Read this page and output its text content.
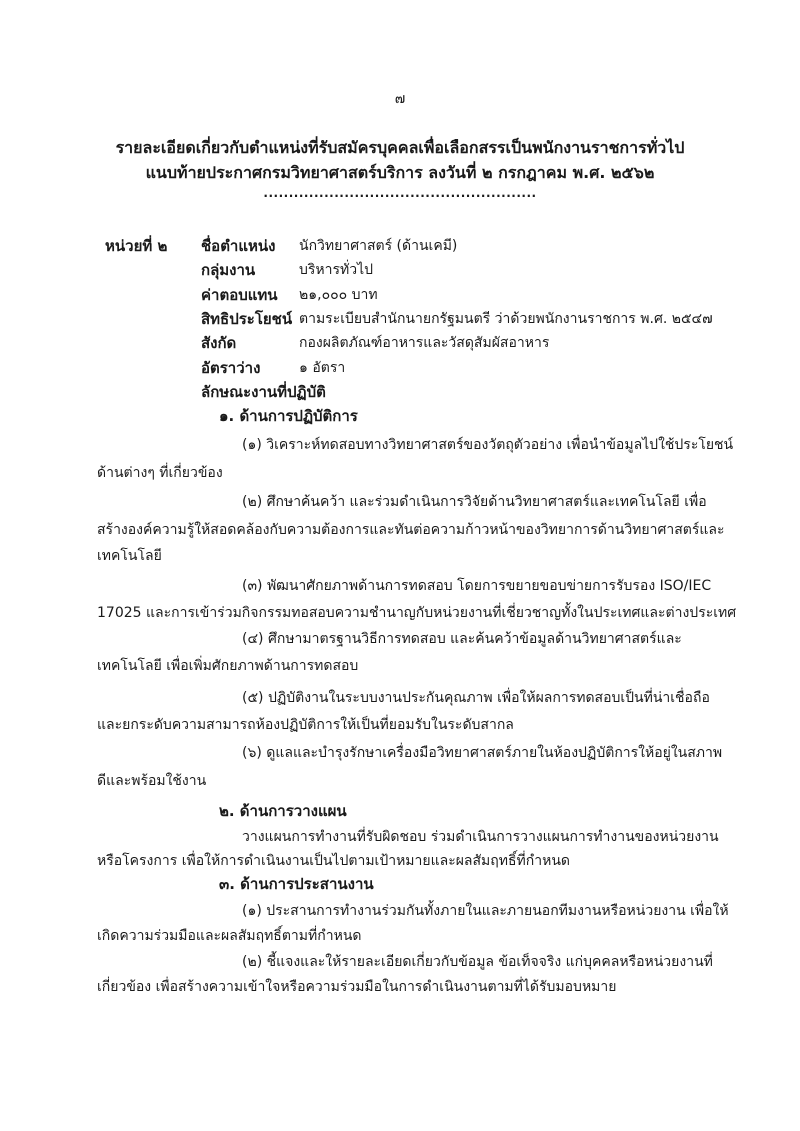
๗
รายละเอียดเกี่ยวกับตำแหน่งที่รับสมัครบุคคลเพื่อเลือกสรรเป็นพนักงานราชการทั่วไป
แนบท้ายประกาศกรมวิทยาศาสตร์บริการ ลงวันที่ ๒ กรกฎาคม พ.ศ. ๒๕๖๒
......................................................
หน่วยที่ ๒ ชื่อตำแหน่ง นักวิทยาศาสตร์ (ด้านเคมี)
กลุ่มงาน	บริหารทั่วไป
ค่าตอบแทน ๒๑,๐๐๐ บาท
สิทธิประโยชน์ ตามระเบียบสำนักนายกรัฐมนตรี ว่าด้วยพนักงานราชการ พ.ศ. ๒๕๔๗
สังกัด	กองผลิตภัณฑ์อาหารและวัสดุสัมผัสอาหาร
อัตราว่าง	๑ อัตรา
ลักษณะงานที่ปฏิบัติ
๑. ด้านการปฏิบัติการ
(๑) วิเคราะห์ทดสอบทางวิทยาศาสตร์ของวัตถุตัวอย่าง เพื่อนำข้อมูลไปใช้ประโยชน์
ด้านต่างๆ ที่เกี่ยวข้อง
(๒) ศึกษาค้นคว้า และร่วมดำเนินการวิจัยด้านวิทยาศาสตร์และเทคโนโลยี เพื่อ
สร้างองค์ความรู้ให้สอดคล้องกับความต้องการและทันต่อความก้าวหน้าของวิทยาการด้านวิทยาศาสตร์และ
เทคโนโลยี
(๓) พัฒนาศักยภาพด้านการทดสอบ โดยการขยายขอบข่ายการรับรอง ISO/IEC
17025 และการเข้าร่วมกิจกรรมทอสอบความชำนาญกับหน่วยงานที่เชี่ยวชาญทั้งในประเทศและต่างประเทศ
(๔) ศึกษามาตรฐานวิธีการทดสอบ และค้นคว้าข้อมูลด้านวิทยาศาสตร์และ
เทคโนโลยี เพื่อเพิ่มศักยภาพด้านการทดสอบ
(๕) ปฏิบัติงานในระบบงานประกันคุณภาพ เพื่อให้ผลการทดสอบเป็นที่น่าเชื่อถือ
และยกระดับความสามารถห้องปฏิบัติการให้เป็นที่ยอมรับในระดับสากล
(๖) ดูแลและบำรุงรักษาเครื่องมือวิทยาศาสตร์ภายในห้องปฏิบัติการให้อยู่ในสภาพ
ดีและพร้อมใช้งาน
๒. ด้านการวางแผน
วางแผนการทำงานที่รับผิดชอบ ร่วมดำเนินการวางแผนการทำงานของหน่วยงาน
หรือโครงการ เพื่อให้การดำเนินงานเป็นไปตามเป้าหมายและผลสัมฤทธิ์ที่กำหนด
๓. ด้านการประสานงาน
(๑) ประสานการทำงานร่วมกันทั้งภายในและภายนอกทีมงานหรือหน่วยงาน เพื่อให้
เกิดความร่วมมือและผลสัมฤทธิ์ตามที่กำหนด
(๒) ชี้แจงและให้รายละเอียดเกี่ยวกับข้อมูล ข้อเท็จจริง แก่บุคคลหรือหน่วยงานที่
เกี่ยวข้อง เพื่อสร้างความเข้าใจหรือความร่วมมือในการดำเนินงานตามที่ได้รับมอบหมาย
